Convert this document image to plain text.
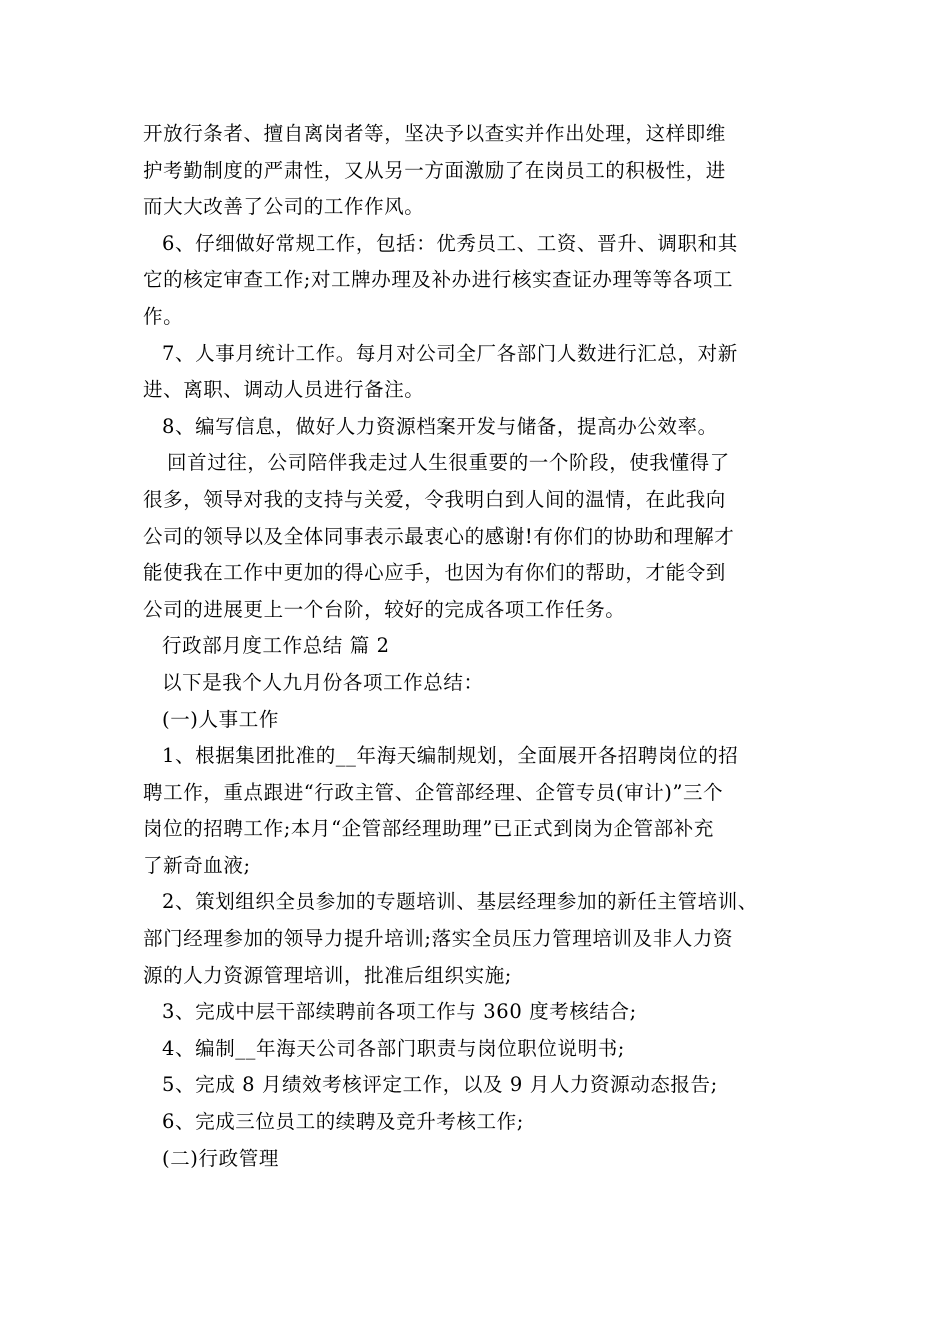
开放行条者、擅自离岗者等，坚决予以查实并作出处理，这样即维
护考勤制度的严肃性，又从另一方面激励了在岗员工的积极性，进
而大大改善了公司的工作作风。
6、仔细做好常规工作，包括：优秀员工、工资、晋升、调职和其
它的核定审查工作;对工牌办理及补办进行核实查证办理等等各项工
作。
7、人事月统计工作。每月对公司全厂各部门人数进行汇总，对新
进、离职、调动人员进行备注。
8、编写信息，做好人力资源档案开发与储备，提高办公效率。
回首过往，公司陪伴我走过人生很重要的一个阶段，使我懂得了
很多，领导对我的支持与关爱，令我明白到人间的温情，在此我向
公司的领导以及全体同事表示最衷心的感谢!有你们的协助和理解才
能使我在工作中更加的得心应手，也因为有你们的帮助，才能令到
公司的进展更上一个台阶，较好的完成各项工作任务。
行政部月度工作总结 篇 2
以下是我个人九月份各项工作总结：
(一)人事工作
1、根据集团批准的__年海天编制规划，全面展开各招聘岗位的招
聘工作，重点跟进“行政主管、企管部经理、企管专员(审计)”三个
岗位的招聘工作;本月“企管部经理助理”已正式到岗为企管部补充
了新奇血液;
2、策划组织全员参加的专题培训、基层经理参加的新任主管培训、
部门经理参加的领导力提升培训;落实全员压力管理培训及非人力资
源的人力资源管理培训，批准后组织实施;
3、完成中层干部续聘前各项工作与 360 度考核结合;
4、编制__年海天公司各部门职责与岗位职位说明书;
5、完成 8 月绩效考核评定工作，以及 9 月人力资源动态报告;
6、完成三位员工的续聘及竞升考核工作;
(二)行政管理
